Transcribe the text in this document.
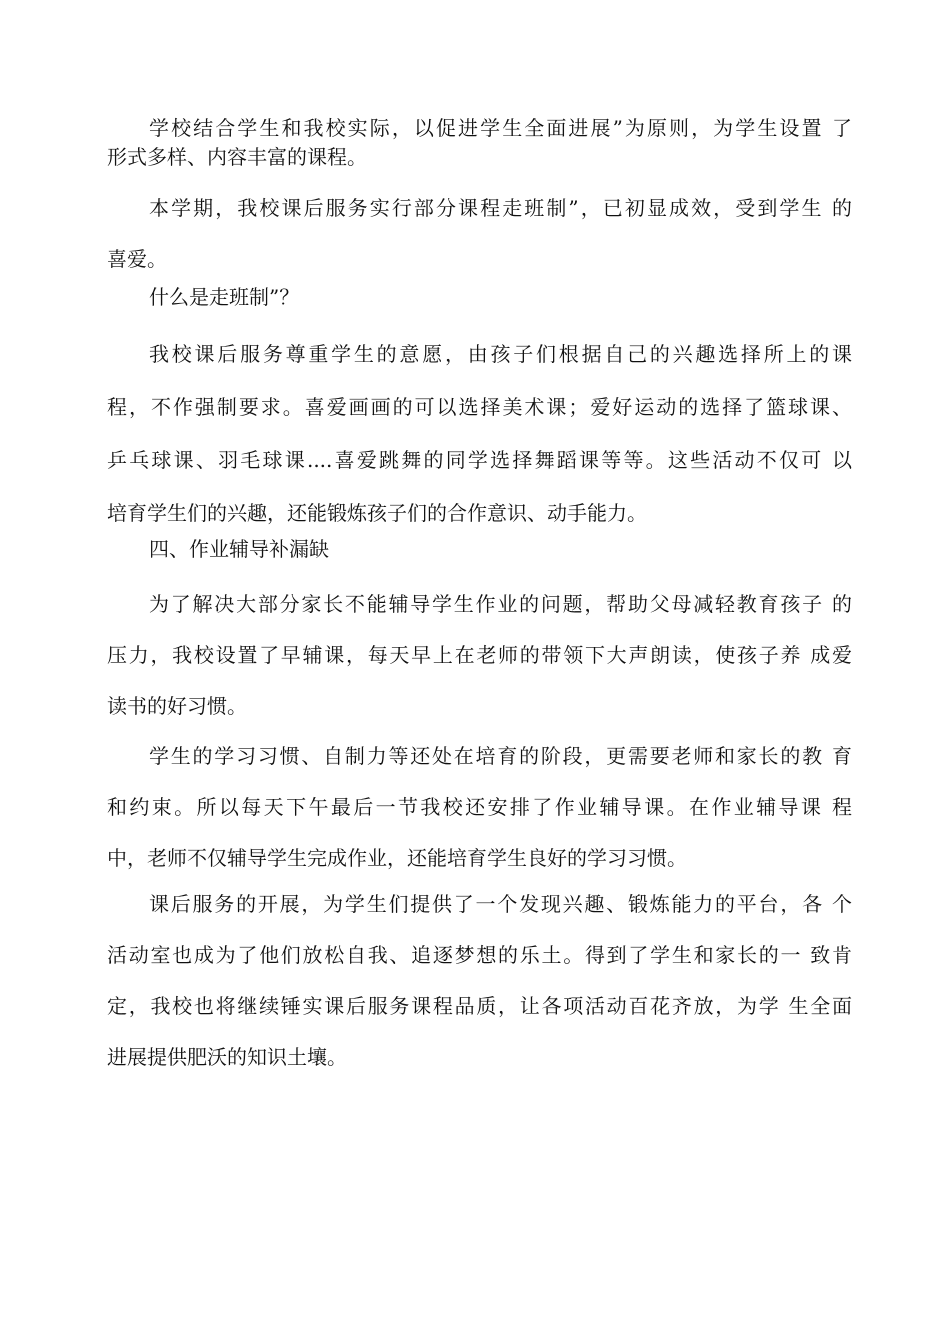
学校结合学生和我校实际，以促进学生全面进展”为原则，为学生设置 了
形式多样、内容丰富的课程。
本学期，我校课后服务实行部分课程走班制”，已初显成效，受到学生 的
喜爱。
什么是走班制”？
我校课后服务尊重学生的意愿，由孩子们根据自己的兴趣选择所上的课
程，不作强制要求。喜爱画画的可以选择美术课；爱好运动的选择了篮球课、
乒乓球课、羽毛球课....喜爱跳舞的同学选择舞蹈课等等。这些活动不仅可 以
培育学生们的兴趣，还能锻炼孩子们的合作意识、动手能力。
四、作业辅导补漏缺
为了解决大部分家长不能辅导学生作业的问题，帮助父母减轻教育孩子 的
压力，我校设置了早辅课，每天早上在老师的带领下大声朗读，使孩子养 成爱
读书的好习惯。
学生的学习习惯、自制力等还处在培育的阶段，更需要老师和家长的教 育
和约束。所以每天下午最后一节我校还安排了作业辅导课。在作业辅导课 程
中，老师不仅辅导学生完成作业，还能培育学生良好的学习习惯。
课后服务的开展，为学生们提供了一个发现兴趣、锻炼能力的平台，各 个
活动室也成为了他们放松自我、追逐梦想的乐土。得到了学生和家长的一 致肯
定，我校也将继续锤实课后服务课程品质，让各项活动百花齐放，为学 生全面
进展提供肥沃的知识土壤。
